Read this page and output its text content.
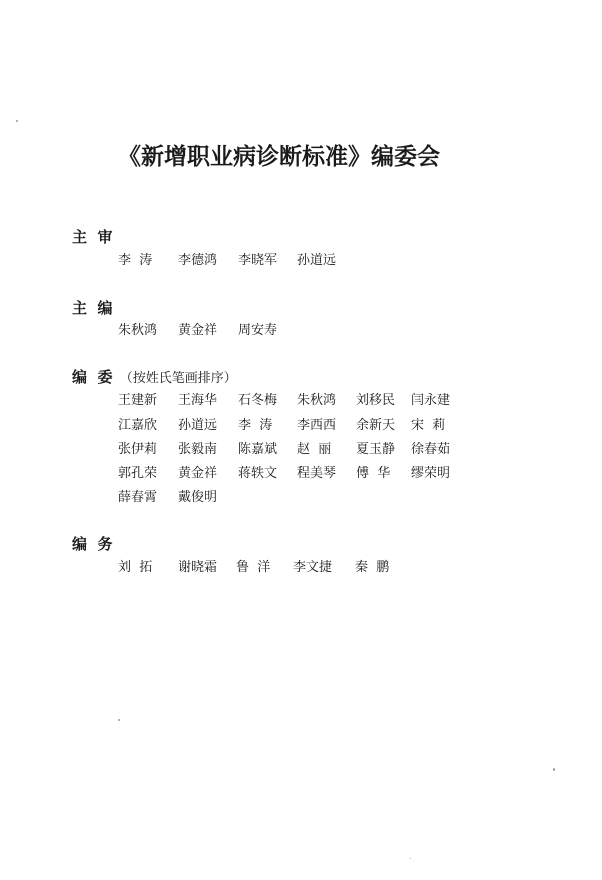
《新增职业病诊断标准》编委会
主  审
李  涛 李德鸿 李晓军 孙道远
主  编
朱秋鸿 黄金祥 周安寿
编  委 （按姓氏笔画排序）
王建新 王海华 石冬梅 朱秋鸿 刘移民 闫永建
江嘉欣 孙道远 李  涛 李西西 余新天 宋  莉
张伊莉 张毅南 陈嘉斌 赵  丽 夏玉静 徐春茹
郭孔荣 黄金祥 蒋轶文 程美琴 傅  华 缪荣明
薛春霄 戴俊明
编  务
刘  拓 谢晓霜 鲁  洋 李文捷 秦  鹏
